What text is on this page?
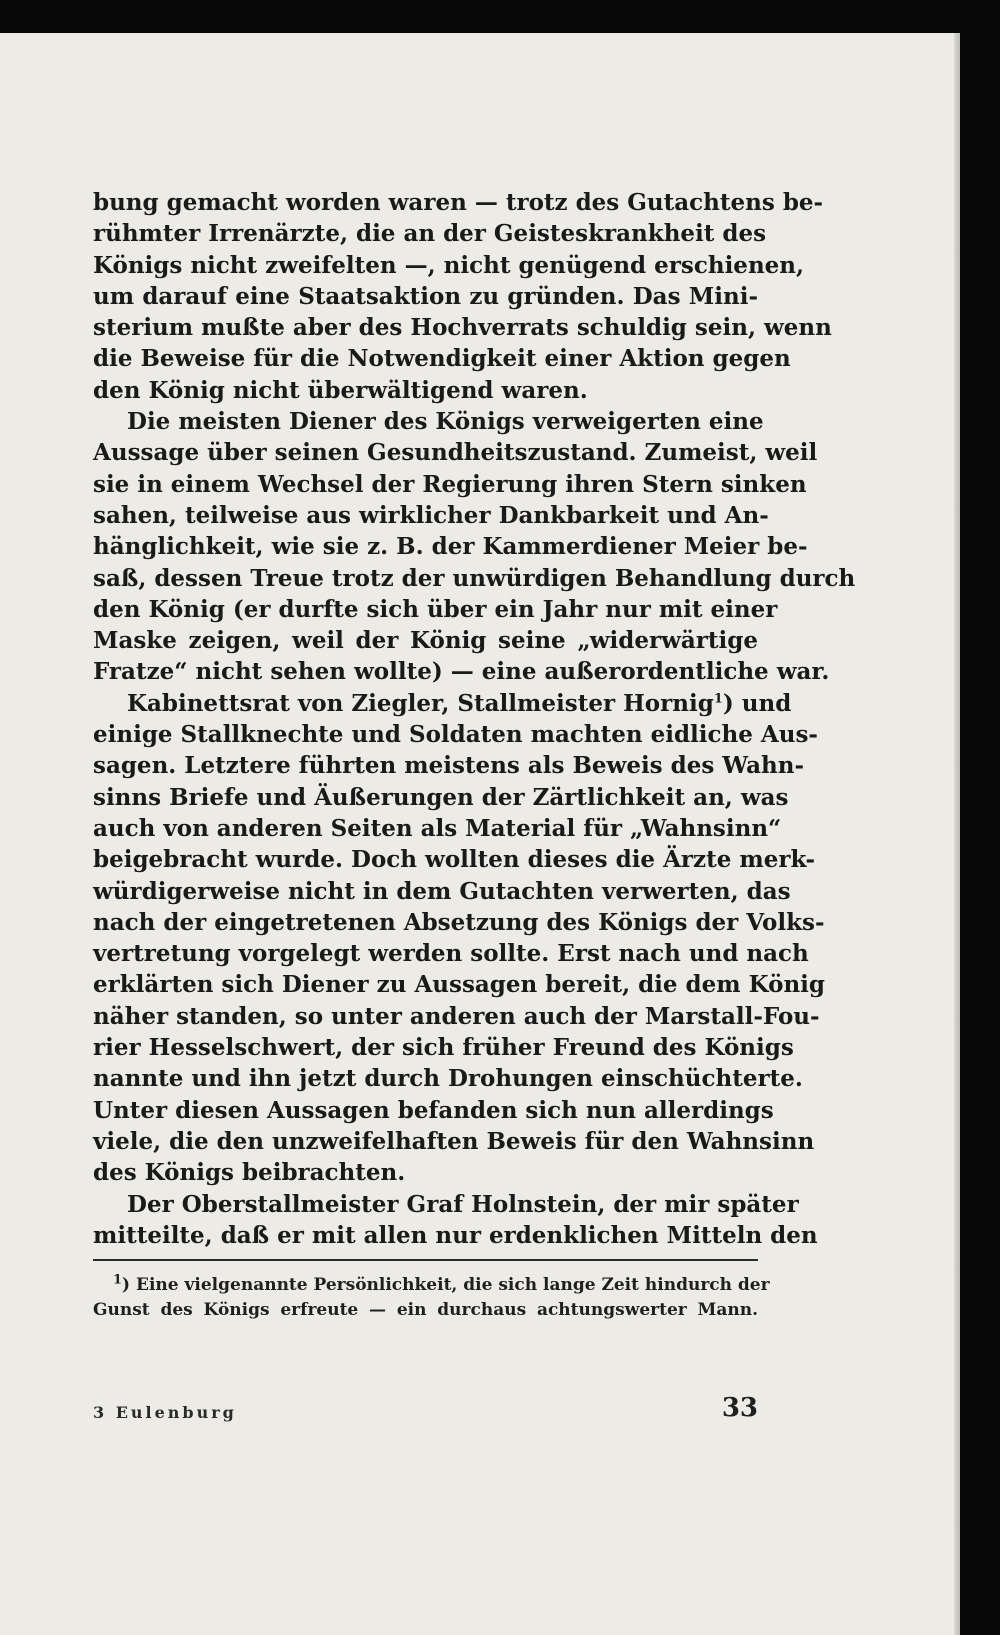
bung gemacht worden waren — trotz des Gutachtens be-
rühmter Irrenärzte, die an der Geisteskrankheit des
Königs nicht zweifelten —, nicht genügend erschienen,
um darauf eine Staatsaktion zu gründen. Das Mini-
sterium mußte aber des Hochverrats schuldig sein, wenn
die Beweise für die Notwendigkeit einer Aktion gegen
den König nicht überwältigend waren.
Die meisten Diener des Königs verweigerten eine
Aussage über seinen Gesundheitszustand. Zumeist, weil
sie in einem Wechsel der Regierung ihren Stern sinken
sahen, teilweise aus wirklicher Dankbarkeit und An-
hänglichkeit, wie sie z. B. der Kammerdiener Meier be-
saß, dessen Treue trotz der unwürdigen Behandlung durch
den König (er durfte sich über ein Jahr nur mit einer
Maske zeigen, weil der König seine „widerwärtige
Fratze“ nicht sehen wollte) — eine außerordentliche war.
Kabinettsrat von Ziegler, Stallmeister Hornig$^1$) und
einige Stallknechte und Soldaten machten eidliche Aus-
sagen. Letztere führten meistens als Beweis des Wahn-
sinns Briefe und Äußerungen der Zärtlichkeit an, was
auch von anderen Seiten als Material für „Wahnsinn“
beigebracht wurde. Doch wollten dieses die Ärzte merk-
würdigerweise nicht in dem Gutachten verwerten, das
nach der eingetretenen Absetzung des Königs der Volks-
vertretung vorgelegt werden sollte. Erst nach und nach
erklärten sich Diener zu Aussagen bereit, die dem König
näher standen, so unter anderen auch der Marstall-Fou-
rier Hesselschwert, der sich früher Freund des Königs
nannte und ihn jetzt durch Drohungen einschüchterte.
Unter diesen Aussagen befanden sich nun allerdings
viele, die den unzweifelhaften Beweis für den Wahnsinn
des Königs beibrachten.
Der Oberstallmeister Graf Holnstein, der mir später
mitteilte, daß er mit allen nur erdenklichen Mitteln den
$^1$) Eine vielgenannte Persönlichkeit, die sich lange Zeit hindurch der
Gunst des Königs erfreute — ein durchaus achtungswerter Mann.
3 Eulenburg	33
